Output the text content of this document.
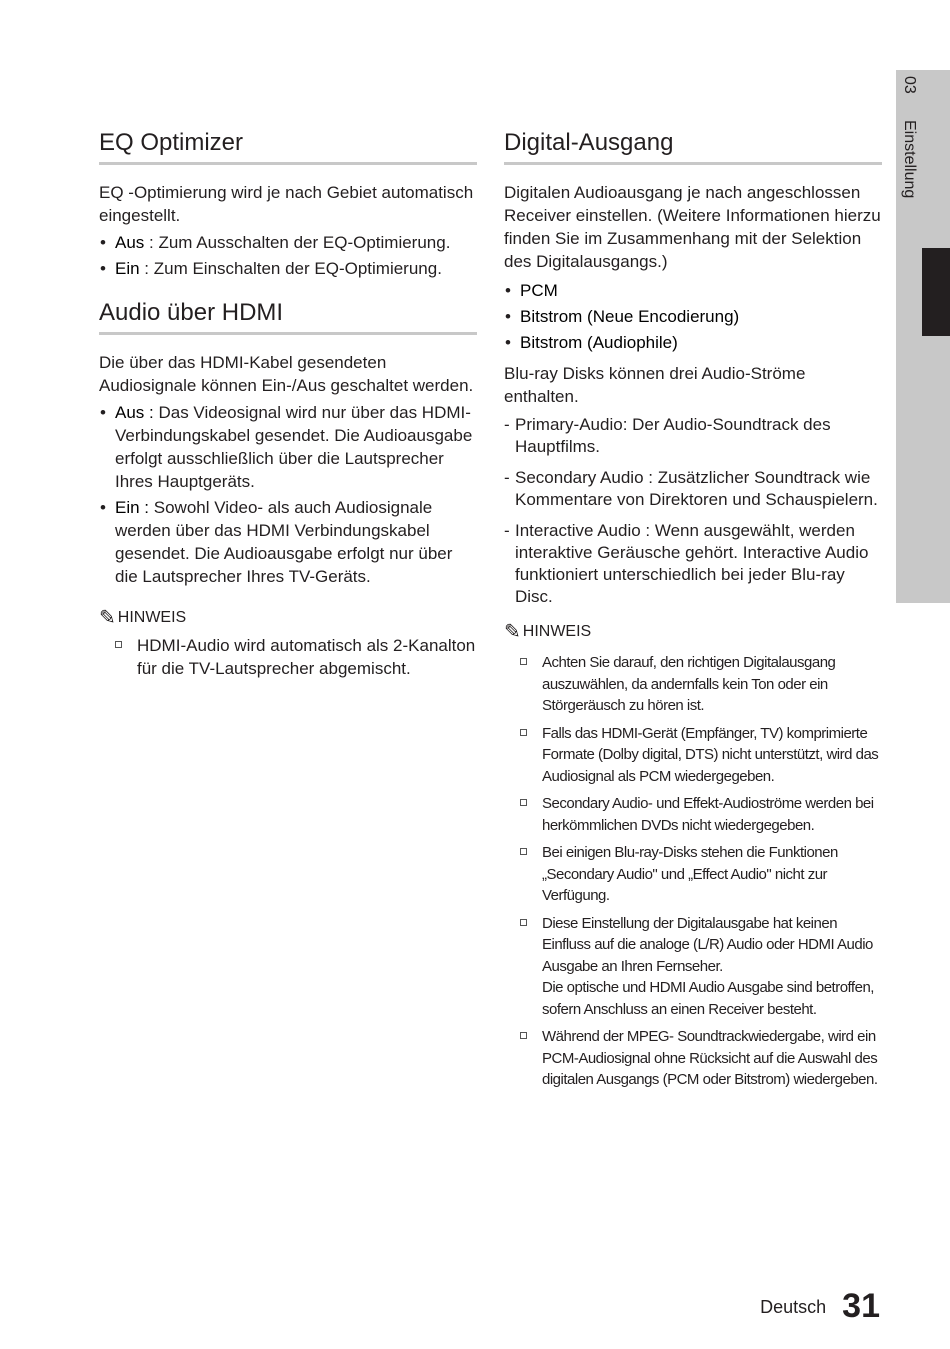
EQ Optimizer

EQ -Optimierung wird je nach Gebiet automatisch eingestellt.

• Aus : Zum Ausschalten der EQ-Optimierung.
• Ein : Zum Einschalten der EQ-Optimierung.
Audio über HDMI

Die über das HDMI-Kabel gesendeten Audiosignale können Ein-/Aus geschaltet werden.

• Aus : Das Videosignal wird nur über das HDMI-Verbindungskabel gesendet. Die Audioausgabe erfolgt ausschließlich über die Lautsprecher Ihres Hauptgeräts.
• Ein : Sowohl Video- als auch Audiosignale werden über das HDMI Verbindungskabel gesendet. Die Audioausgabe erfolgt nur über die Lautsprecher Ihres TV-Geräts.
✎ HINWEIS
HDMI-Audio wird automatisch als 2-Kanalton für die TV-Lautsprecher abgemischt.
Digital-Ausgang

Digitalen Audioausgang je nach angeschlossen Receiver einstellen. (Weitere Informationen hierzu finden Sie im Zusammenhang mit der Selektion des Digitalausgangs.)

• PCM
• Bitstrom (Neue Encodierung)
• Bitstrom (Audiophile)

Blu-ray Disks können drei Audio-Ströme enthalten.

- Primary-Audio: Der Audio-Soundtrack des Hauptfilms.
- Secondary Audio : Zusätzlicher Soundtrack wie Kommentare von Direktoren und Schauspielern.
- Interactive Audio : Wenn ausgewählt, werden interaktive Geräusche gehört. Interactive Audio funktioniert unterschiedlich bei jeder Blu-ray Disc.
✎ HINWEIS
Achten Sie darauf, den richtigen Digitalausgang auszuwählen, da andernfalls kein Ton oder ein Störgeräusch zu hören ist.
Falls das HDMI-Gerät (Empfänger, TV) komprimierte Formate (Dolby digital, DTS) nicht unterstützt, wird das Audiosignal als PCM wiedergegeben.
Secondary Audio- und Effekt-Audioströme werden bei herkömmlichen DVDs nicht wiedergegeben.
Bei einigen Blu-ray-Disks stehen die Funktionen „Secondary Audio" und „Effect Audio" nicht zur Verfügung.
Diese Einstellung der Digitalausgabe hat keinen Einfluss auf die analoge (L/R) Audio oder HDMI Audio Ausgabe an Ihren Fernseher.
Die optische und HDMI Audio Ausgabe sind betroffen, sofern Anschluss an einen Receiver besteht.
Während der MPEG- Soundtrackwiedergabe, wird ein PCM-Audiosignal ohne Rücksicht auf die Auswahl des digitalen Ausgangs (PCM oder Bitstrom) wiedergeben.
03
Einstellung
Deutsch 31
